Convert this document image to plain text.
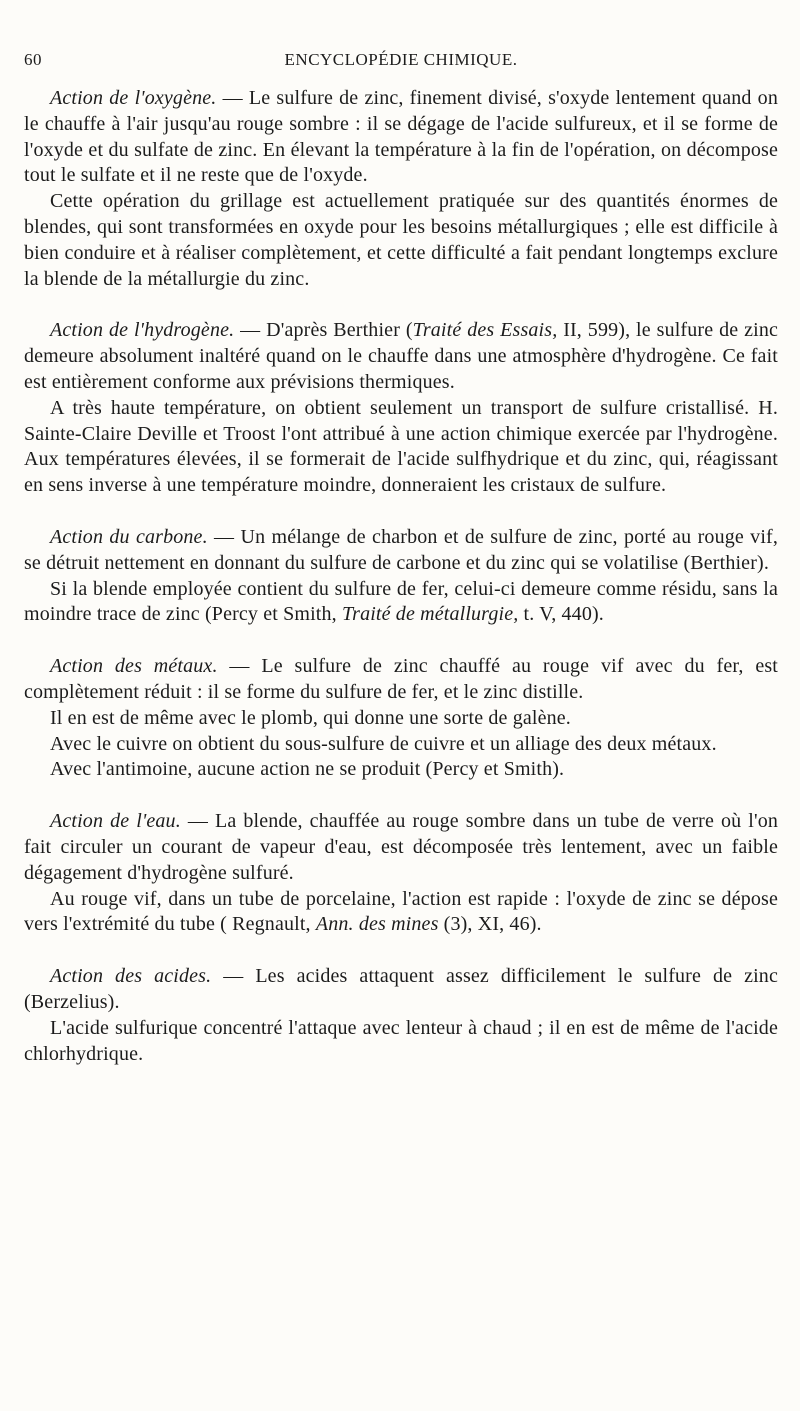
60	ENCYCLOPÉDIE CHIMIQUE.

Action de l'oxygène. — Le sulfure de zinc, finement divisé, s'oxyde lentement quand on le chauffe à l'air jusqu'au rouge sombre : il se dégage de l'acide sulfureux, et il se forme de l'oxyde et du sulfate de zinc. En élevant la température à la fin de l'opération, on décompose tout le sulfate et il ne reste que de l'oxyde.

Cette opération du grillage est actuellement pratiquée sur des quantités énormes de blendes, qui sont transformées en oxyde pour les besoins métallurgiques ; elle est difficile à bien conduire et à réaliser complètement, et cette difficulté a fait pendant longtemps exclure la blende de la métallurgie du zinc.

Action de l'hydrogène. — D'après Berthier (Traité des Essais, II, 599), le sulfure de zinc demeure absolument inaltéré quand on le chauffe dans une atmosphère d'hydrogène. Ce fait est entièrement conforme aux prévisions thermiques.

A très haute température, on obtient seulement un transport de sulfure cristallisé. H. Sainte-Claire Deville et Troost l'ont attribué à une action chimique exercée par l'hydrogène. Aux températures élevées, il se formerait de l'acide sulfhydrique et du zinc, qui, réagissant en sens inverse à une température moindre, donneraient les cristaux de sulfure.

Action du carbone. — Un mélange de charbon et de sulfure de zinc, porté au rouge vif, se détruit nettement en donnant du sulfure de carbone et du zinc qui se volatilise (Berthier).

Si la blende employée contient du sulfure de fer, celui-ci demeure comme résidu, sans la moindre trace de zinc (Percy et Smith, Traité de métallurgie, t. V, 440).

Action des métaux. — Le sulfure de zinc chauffé au rouge vif avec du fer, est complètement réduit : il se forme du sulfure de fer, et le zinc distille.

Il en est de même avec le plomb, qui donne une sorte de galène.

Avec le cuivre on obtient du sous-sulfure de cuivre et un alliage des deux métaux.

Avec l'antimoine, aucune action ne se produit (Percy et Smith).

Action de l'eau. — La blende, chauffée au rouge sombre dans un tube de verre où l'on fait circuler un courant de vapeur d'eau, est décomposée très lentement, avec un faible dégagement d'hydrogène sulfuré.

Au rouge vif, dans un tube de porcelaine, l'action est rapide : l'oxyde de zinc se dépose vers l'extrémité du tube ( Regnault, Ann. des mines (3), XI, 46).

Action des acides. — Les acides attaquent assez difficilement le sulfure de zinc (Berzelius).

L'acide sulfurique concentré l'attaque avec lenteur à chaud ; il en est de même de l'acide chlorhydrique.
